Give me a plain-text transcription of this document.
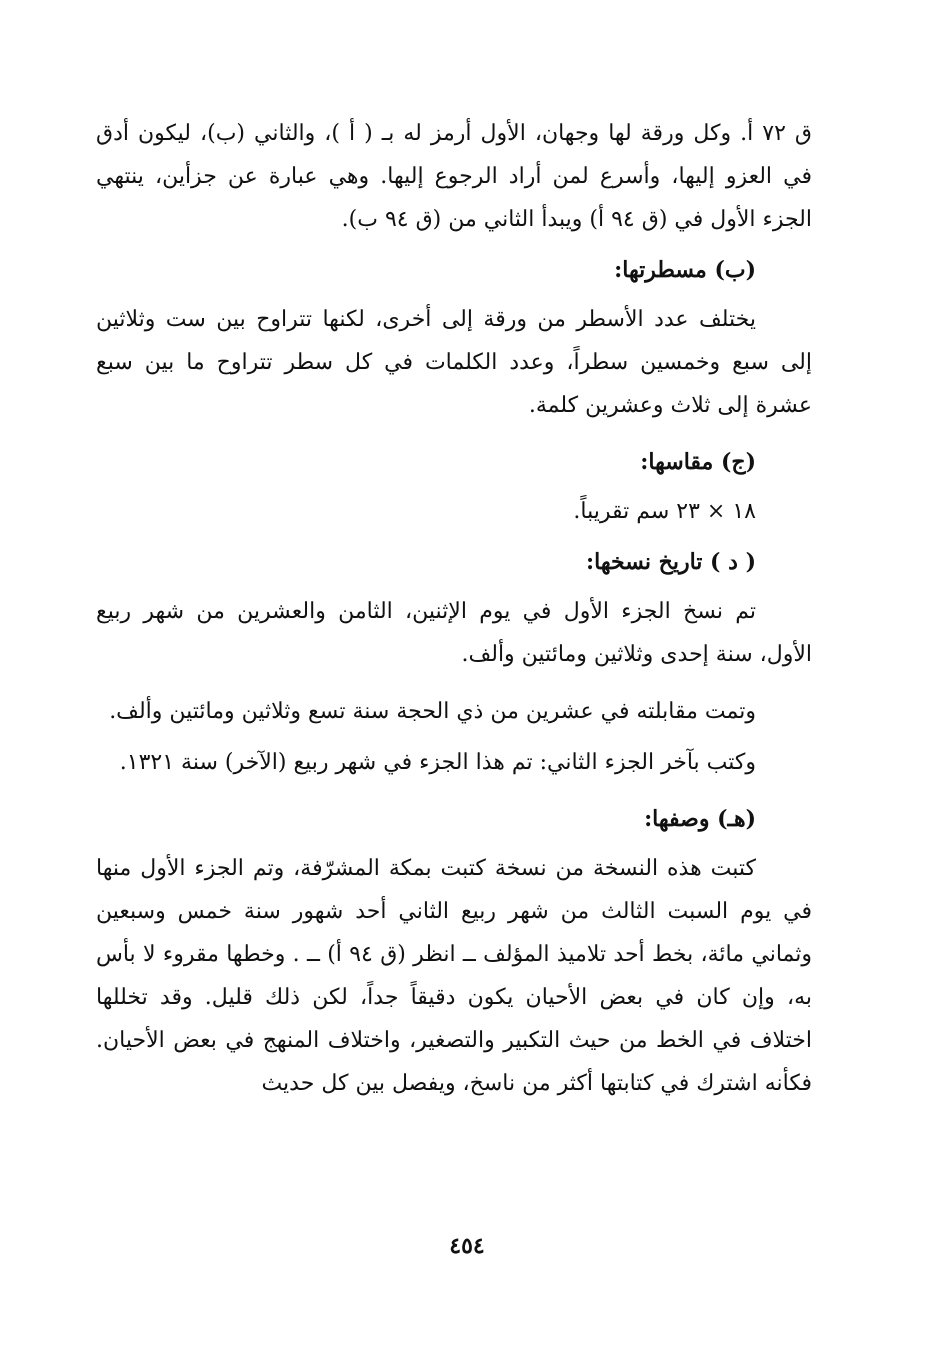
ق ٧٢ أ. وكل ورقة لها وجهان، الأول أرمز له بـ ( أ )، والثاني (ب)، ليكون أدق في العزو إليها، وأسرع لمن أراد الرجوع إليها. وهي عبارة عن جزأين، ينتهي الجزء الأول في (ق ٩٤ أ) ويبدأ الثاني من (ق ٩٤ ب).

(ب) مسطرتها:

يختلف عدد الأسطر من ورقة إلى أخرى، لكنها تتراوح بين ست وثلاثين إلى سبع وخمسين سطراً، وعدد الكلمات في كل سطر تتراوح ما بين سبع عشرة إلى ثلاث وعشرين كلمة.

(ج) مقاسها:

١٨ × ٢٣ سم تقريباً.

( د ) تاريخ نسخها:

تم نسخ الجزء الأول في يوم الإثنين، الثامن والعشرين من شهر ربيع الأول، سنة إحدى وثلاثين ومائتين وألف.

وتمت مقابلته في عشرين من ذي الحجة سنة تسع وثلاثين ومائتين وألف.

وكتب بآخر الجزء الثاني: تم هذا الجزء في شهر ربيع (الآخر) سنة ١٣٢١.

(هـ) وصفها:

كتبت هذه النسخة من نسخة كتبت بمكة المشرّفة، وتم الجزء الأول منها في يوم السبت الثالث من شهر ربيع الثاني أحد شهور سنة خمس وسبعين وثماني مائة، بخط أحد تلاميذ المؤلف ــ انظر (ق ٩٤ أ) ــ . وخطها مقروء لا بأس به، وإن كان في بعض الأحيان يكون دقيقاً جداً، لكن ذلك قليل. وقد تخللها اختلاف في الخط من حيث التكبير والتصغير، واختلاف المنهج في بعض الأحيان. فكأنه اشترك في كتابتها أكثر من ناسخ، ويفصل بين كل حديث

٤٥٤
